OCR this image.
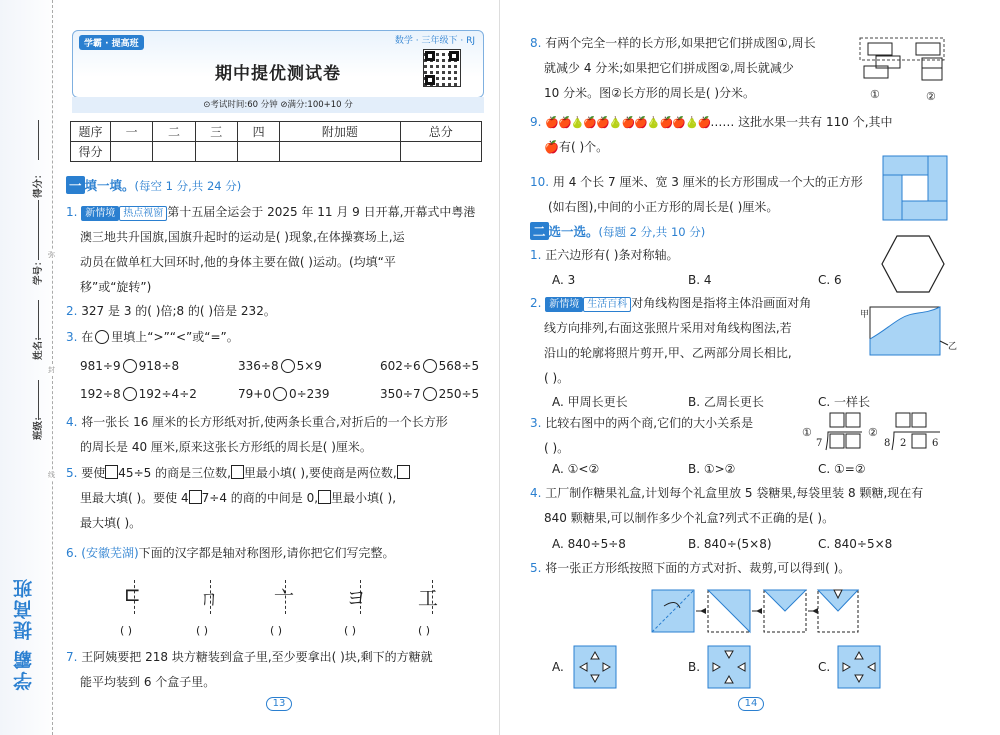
弥
封
线
得分：
学号：
姓名：
班级：
学霸 提高班
学霸 · 提高班	数学 · 三年级下 · RJ
期中提优测试卷
⊙考试时间:60 分钟 ⊘满分:100+10 分
题序	一	二	三	四	附加题	总分
得分						
一 填一填。(每空 1 分,共 24 分)
1. 新情境 热点视窗 第十五届全运会于 2025 年 11 月 9 日开幕,开幕式中粤港
澳三地共升国旗,国旗升起时的运动是( )现象,在体操赛场上,运
动员在做单杠大回环时,他的身体主要在做( )运动。(均填“平
移”或“旋转”)
2. 327 是 3 的( )倍;8 的( )倍是 232。
3. 在 里填上“>”“<”或“=”。
981÷9 918÷8	336÷8 5×9	602÷6 568÷5
192÷8 192÷4÷2	79+0 0÷239	350÷7 250÷5
4. 将一张长 16 厘米的长方形纸对折,使两条长重合,对折后的一个长方形
的周长是 40 厘米,原来这张长方形纸的周长是( )厘米。
5. 要使 45÷5 的商是三位数, 里最小填( ),要使商是两位数,
里最大填( )。要使 4 7÷4 的商的中间是 0, 里最小填( ),
最大填( )。
6. (安徽芜湖)下面的汉字都是轴对称图形,请你把它们写完整。
⊏	ㄇ	亠	ヨ	工
( )	( )	( )	( )	( )
7. 王阿姨要把 218 块方糖装到盒子里,至少要拿出( )块,剩下的方糖就
能平均装到 6 个盒子里。
13
8. 有两个完全一样的长方形,如果把它们拼成图①,周长
就减少 4 分米;如果把它们拼成图②,周长就减少
10 分米。图②长方形的周长是( )分米。	①	②
9. 🍎🍎🍐🍎🍎🍐🍎🍎🍐🍎🍎🍐🍎…… 这批水果一共有 110 个,其中
🍎有( )个。
10. 用 4 个长 7 厘米、宽 3 厘米的长方形围成一个大的正方形
(如右图),中间的小正方形的周长是( )厘米。
二 选一选。(每题 2 分,共 10 分)
1. 正六边形有( )条对称轴。
A. 3	B. 4	C. 6
2. 新情境 生活百科 对角线构图是指将主体沿画面对角
线方向排列,右面这张照片采用对角线构图法,若
沿山的轮廓将照片剪开,甲、乙两部分周长相比,
( )。
A. 甲周长更长	B. 乙周长更长	C. 一样长
甲
乙
3. 比较右图中的两个商,它们的大小关系是
( )。
A. ①<②	B. ①>②	C. ①=②
①
7
②
8 2	6
4. 工厂制作糖果礼盒,计划每个礼盒里放 5 袋糖果,每袋里装 8 颗糖,现在有
840 颗糖果,可以制作多少个礼盒?列式不正确的是( )。
A. 840÷5÷8	B. 840÷(5×8)	C. 840÷5×8
5. 将一张正方形纸按照下面的方式对折、裁剪,可以得到( )。
A.	B.	C.
14
